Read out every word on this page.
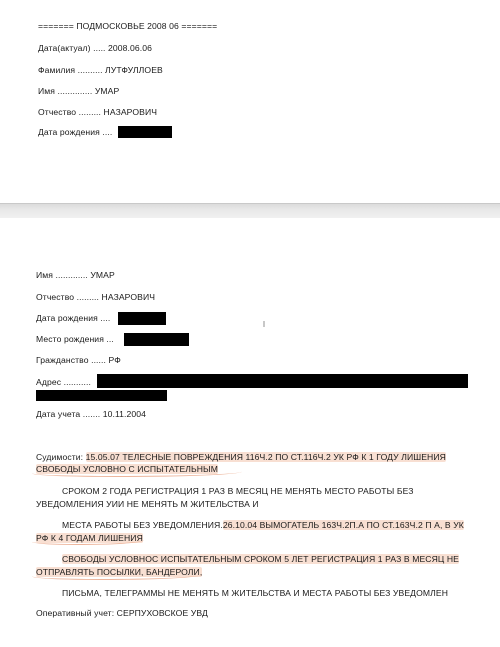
======= ПОДМОСКОВЬЕ 2008 06 =======
Дата(актуал) ..... 2008.06.06
Фамилия .......... ЛУТФУЛЛОЕВ
Имя .............. УМАР
Отчество ......... НАЗАРОВИЧ
Дата рождения ....
Имя ............. УМАР
Отчество ......... НАЗАРОВИЧ
Дата рождения ....
Место рождения ...
Гражданство ...... РФ
Адрес ...........
Дата учета ....... 10.11.2004
Судимости: 15.05.07 ТЕЛЕСНЫЕ ПОВРЕЖДЕНИЯ 116Ч.2 ПО СТ.116Ч.2 УК РФ К 1 ГОДУ ЛИШЕНИЯ
СВОБОДЫ УСЛОВНО С ИСПЫТАТЕЛЬНЫМ
СРОКОМ 2 ГОДА РЕГИСТРАЦИЯ 1 РАЗ В МЕСЯЦ НЕ МЕНЯТЬ МЕСТО РАБОТЫ БЕЗ
УВЕДОМЛЕНИЯ УИИ НЕ МЕНЯТЬ М ЖИТЕЛЬСТВА И
МЕСТА РАБОТЫ БЕЗ УВЕДОМЛЕНИЯ.26.10.04 ВЫМОГАТЕЛЬ 163Ч.2П.А ПО СТ.163Ч.2 П А, В УК
РФ К 4 ГОДАМ ЛИШЕНИЯ
СВОБОДЫ УСЛОВНОС ИСПЫТАТЕЛЬНЫМ СРОКОМ 5 ЛЕТ РЕГИСТРАЦИЯ 1 РАЗ В МЕСЯЦ НЕ
ОТПРАВЛЯТЬ ПОСЫЛКИ, БАНДЕРОЛИ,
ПИСЬМА, ТЕЛЕГРАММЫ НЕ МЕНЯТЬ М ЖИТЕЛЬСТВА И МЕСТА РАБОТЫ БЕЗ УВЕДОМЛЕН
Оперативный учет: СЕРПУХОВСКОЕ УВД
